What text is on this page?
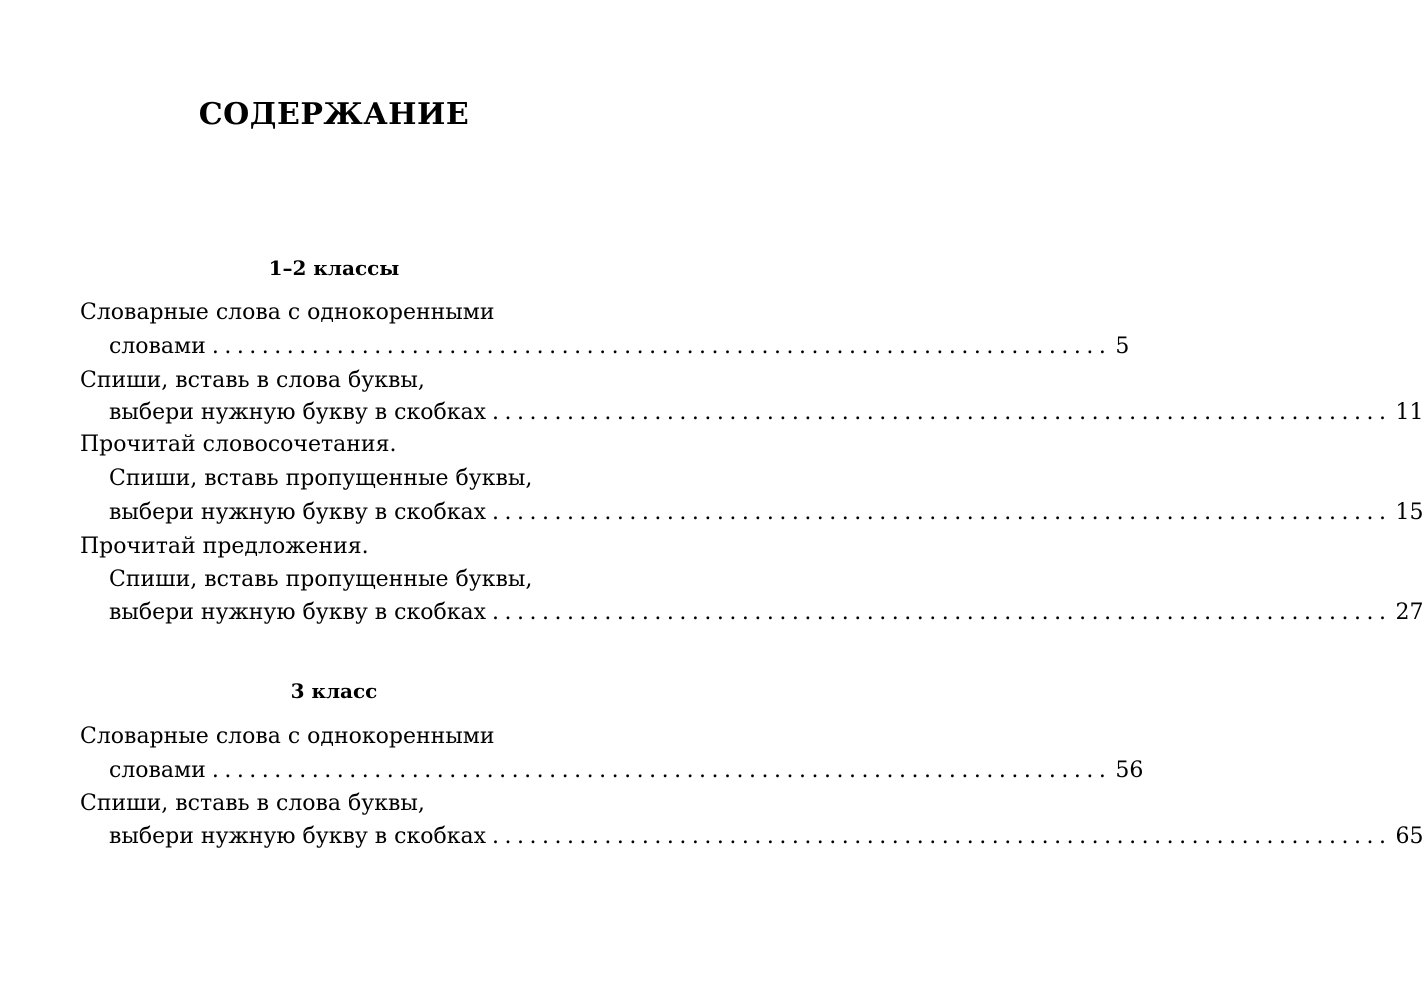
СОДЕРЖАНИЕ
1–2 классы
Словарные слова с однокоренными
словами ........................................................................ 5
Спиши, вставь в слова буквы,
выбери нужную букву в скобках ........................................................................ 11
Прочитай словосочетания.
Спиши, вставь пропущенные буквы,
выбери нужную букву в скобках ........................................................................ 15
Прочитай предложения.
Спиши, вставь пропущенные буквы,
выбери нужную букву в скобках ........................................................................ 27
3 класс
Словарные слова с однокоренными
словами ........................................................................ 56
Спиши, вставь в слова буквы,
выбери нужную букву в скобках ........................................................................ 65
